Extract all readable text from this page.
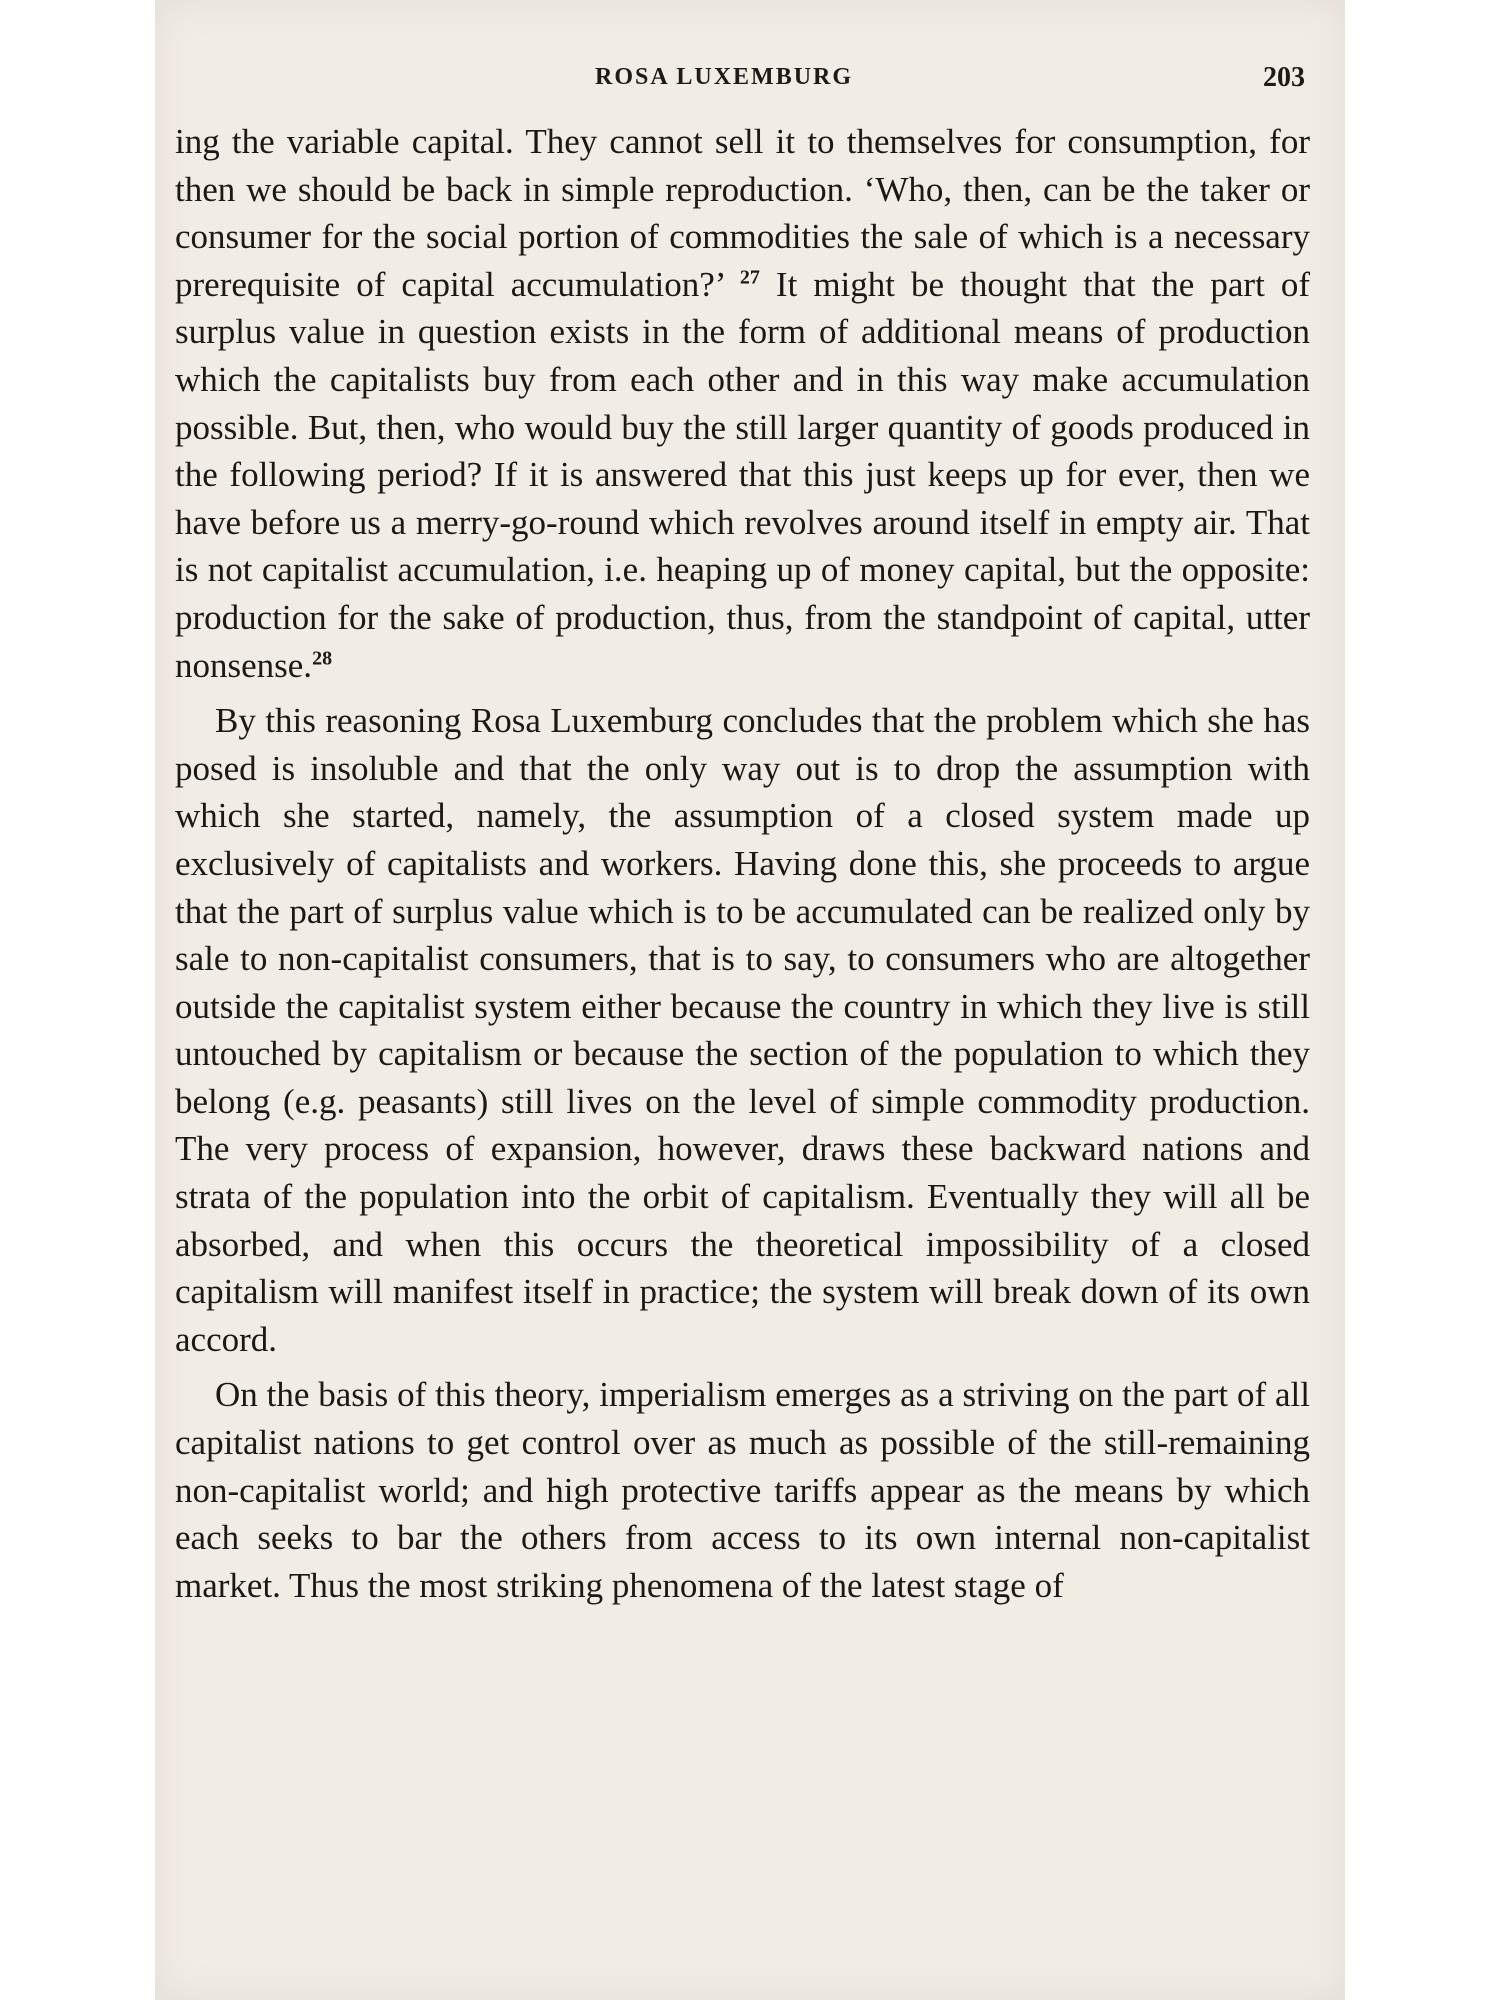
ROSA LUXEMBURG	203

ing the variable capital. They cannot sell it to themselves for consumption, for then we should be back in simple reproduction. ‘Who, then, can be the taker or consumer for the social portion of commodities the sale of which is a necessary prerequisite of capital accumulation?’ $^{27}$ It might be thought that the part of surplus value in question exists in the form of additional means of production which the capitalists buy from each other and in this way make accumulation possible. But, then, who would buy the still larger quantity of goods produced in the following period? If it is answered that this just keeps up for ever, then we have before us a merry-go-round which revolves around itself in empty air. That is not capitalist accumulation, i.e. heaping up of money capital, but the opposite: production for the sake of production, thus, from the standpoint of capital, utter nonsense.$^{28}$

By this reasoning Rosa Luxemburg concludes that the problem which she has posed is insoluble and that the only way out is to drop the assumption with which she started, namely, the assumption of a closed system made up exclusively of capitalists and workers. Having done this, she proceeds to argue that the part of surplus value which is to be accumulated can be realized only by sale to non-capitalist consumers, that is to say, to consumers who are altogether outside the capitalist system either because the country in which they live is still untouched by capitalism or because the section of the population to which they belong (e.g. peasants) still lives on the level of simple commodity production. The very process of expansion, however, draws these backward nations and strata of the population into the orbit of capitalism. Eventually they will all be absorbed, and when this occurs the theoretical impossibility of a closed capitalism will manifest itself in practice; the system will break down of its own accord.

On the basis of this theory, imperialism emerges as a striving on the part of all capitalist nations to get control over as much as possible of the still-remaining non-capitalist world; and high protective tariffs appear as the means by which each seeks to bar the others from access to its own internal non-capitalist market. Thus the most striking phenomena of the latest stage of
